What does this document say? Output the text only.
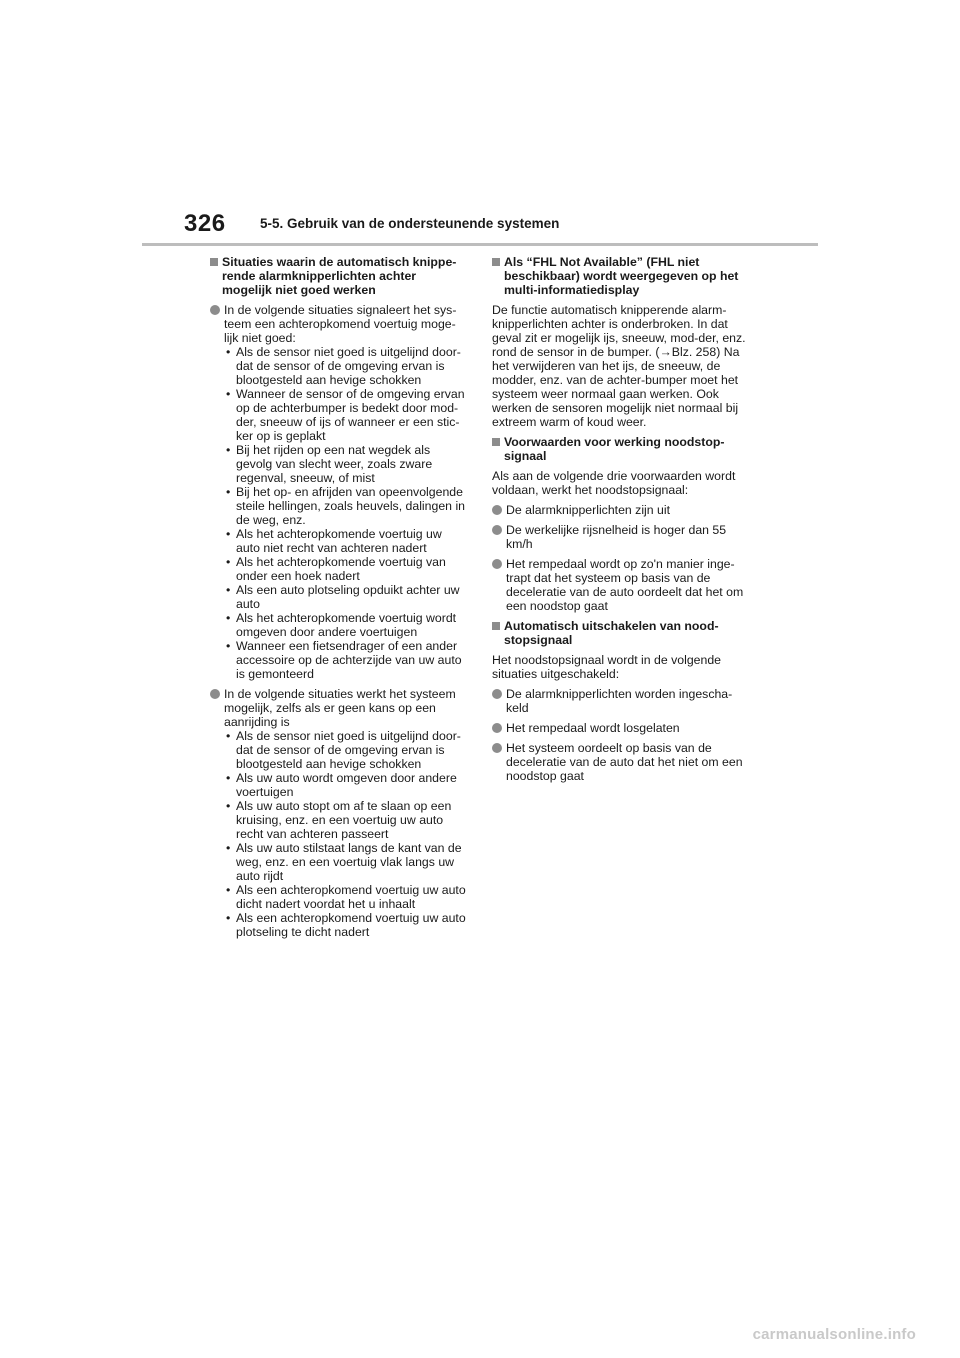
326	5-5. Gebruik van de ondersteunende systemen
Situaties waarin de automatisch knippe-rende alarmknipperlichten achter mogelijk niet goed werken
In de volgende situaties signaleert het sys-teem een achteropkomend voertuig moge-lijk niet goed:
• Als de sensor niet goed is uitgelijnd door-dat de sensor of de omgeving ervan is blootgesteld aan hevige schokken
• Wanneer de sensor of de omgeving ervan op de achterbumper is bedekt door mod-der, sneeuw of ijs of wanneer er een stic-ker op is geplakt
• Bij het rijden op een nat wegdek als gevolg van slecht weer, zoals zware regenval, sneeuw, of mist
• Bij het op- en afrijden van opeenvolgende steile hellingen, zoals heuvels, dalingen in de weg, enz.
• Als het achteropkomende voertuig uw auto niet recht van achteren nadert
• Als het achteropkomende voertuig van onder een hoek nadert
• Als een auto plotseling opduikt achter uw auto
• Als het achteropkomende voertuig wordt omgeven door andere voertuigen
• Wanneer een fietsendrager of een ander accessoire op de achterzijde van uw auto is gemonteerd
In de volgende situaties werkt het systeem mogelijk, zelfs als er geen kans op een aanrijding is
• Als de sensor niet goed is uitgelijnd door-dat de sensor of de omgeving ervan is blootgesteld aan hevige schokken
• Als uw auto wordt omgeven door andere voertuigen
• Als uw auto stopt om af te slaan op een kruising, enz. en een voertuig uw auto recht van achteren passeert
• Als uw auto stilstaat langs de kant van de weg, enz. en een voertuig vlak langs uw auto rijdt
• Als een achteropkomend voertuig uw auto dicht nadert voordat het u inhaalt
• Als een achteropkomend voertuig uw auto plotseling te dicht nadert
Als “FHL Not Available” (FHL niet beschikbaar) wordt weergegeven op het multi-informatiedisplay
De functie automatisch knipperende alarm-knipperlichten achter is onderbroken. In dat geval zit er mogelijk ijs, sneeuw, mod-der, enz. rond de sensor in de bumper. (→Blz. 258) Na het verwijderen van het ijs, de sneeuw, de modder, enz. van de achter-bumper moet het systeem weer normaal gaan werken. Ook werken de sensoren mogelijk niet normaal bij extreem warm of koud weer.
Voorwaarden voor werking noodstop-signaal
Als aan de volgende drie voorwaarden wordt voldaan, werkt het noodstopsignaal:
De alarmknipperlichten zijn uit
De werkelijke rijsnelheid is hoger dan 55 km/h
Het rempedaal wordt op zo'n manier inge-trapt dat het systeem op basis van de deceleratie van de auto oordeelt dat het om een noodstop gaat
Automatisch uitschakelen van nood-stopsignaal
Het noodstopsignaal wordt in de volgende situaties uitgeschakeld:
De alarmknipperlichten worden ingescha-keld
Het rempedaal wordt losgelaten
Het systeem oordeelt op basis van de deceleratie van de auto dat het niet om een noodstop gaat
carmanualsonline.info
